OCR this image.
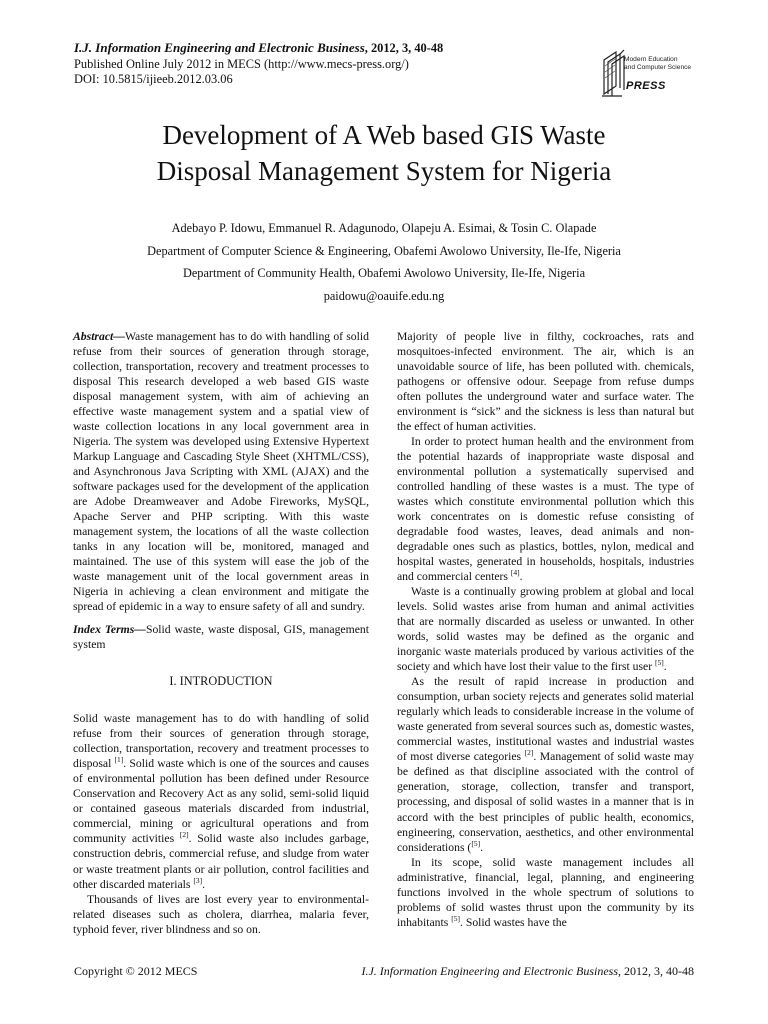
I.J. Information Engineering and Electronic Business, 2012, 3, 40-48
Published Online July 2012 in MECS (http://www.mecs-press.org/)
DOI: 10.5815/ijieeb.2012.03.06
Modern Education
and Computer Science
PRESS
Development of A Web based GIS Waste
Disposal Management System for Nigeria
Adebayo P. Idowu, Emmanuel R. Adagunodo, Olapeju A. Esimai, & Tosin C. Olapade
Department of Computer Science & Engineering, Obafemi Awolowo University, Ile-Ife, Nigeria
Department of Community Health, Obafemi Awolowo University, Ile-Ife, Nigeria
paidowu@oauife.edu.ng

Abstract—Waste management has to do with handling of solid refuse from their sources of generation through storage, collection, transportation, recovery and treatment processes to disposal This research developed a web based GIS waste disposal management system, with aim of achieving an effective waste management system and a spatial view of waste collection locations in any local government area in Nigeria. The system was developed using Extensive Hypertext Markup Language and Cascading Style Sheet (XHTML/CSS), and Asynchronous Java Scripting with XML (AJAX) and the software packages used for the development of the application are Adobe Dreamweaver and Adobe Fireworks, MySQL, Apache Server and PHP scripting. With this waste management system, the locations of all the waste collection tanks in any location will be, monitored, managed and maintained. The use of this system will ease the job of the waste management unit of the local government areas in Nigeria in achieving a clean environment and mitigate the spread of epidemic in a way to ensure safety of all and sundry.

Index Terms—Solid waste, waste disposal, GIS, management system

I. INTRODUCTION

Solid waste management has to do with handling of solid refuse from their sources of generation through storage, collection, transportation, recovery and treatment processes to disposal [1]. Solid waste which is one of the sources and causes of environmental pollution has been defined under Resource Conservation and Recovery Act as any solid, semi-solid liquid or contained gaseous materials discarded from industrial, commercial, mining or agricultural operations and from community activities [2]. Solid waste also includes garbage, construction debris, commercial refuse, and sludge from water or waste treatment plants or air pollution, control facilities and other discarded materials [3].

Thousands of lives are lost every year to environmental-related diseases such as cholera, diarrhea, malaria fever, typhoid fever, river blindness and so on.

Majority of people live in filthy, cockroaches, rats and mosquitoes-infected environment. The air, which is an unavoidable source of life, has been polluted with. chemicals, pathogens or offensive odour. Seepage from refuse dumps often pollutes the underground water and surface water. The environment is “sick” and the sickness is less than natural but the effect of human activities.

In order to protect human health and the environment from the potential hazards of inappropriate waste disposal and environmental pollution a systematically supervised and controlled handling of these wastes is a must. The type of wastes which constitute environmental pollution which this work concentrates on is domestic refuse consisting of degradable food wastes, leaves, dead animals and non-degradable ones such as plastics, bottles, nylon, medical and hospital wastes, generated in households, hospitals, industries and commercial centers [4].

Waste is a continually growing problem at global and local levels. Solid wastes arise from human and animal activities that are normally discarded as useless or unwanted. In other words, solid wastes may be defined as the organic and inorganic waste materials produced by various activities of the society and which have lost their value to the first user [5].

As the result of rapid increase in production and consumption, urban society rejects and generates solid material regularly which leads to considerable increase in the volume of waste generated from several sources such as, domestic wastes, commercial wastes, institutional wastes and industrial wastes of most diverse categories [2]. Management of solid waste may be defined as that discipline associated with the control of generation, storage, collection, transfer and transport, processing, and disposal of solid wastes in a manner that is in accord with the best principles of public health, economics, engineering, conservation, aesthetics, and other environmental considerations ([5].

In its scope, solid waste management includes all administrative, financial, legal, planning, and engineering functions involved in the whole spectrum of solutions to problems of solid wastes thrust upon the community by its inhabitants [5]. Solid wastes have the

Copyright © 2012 MECS	I.J. Information Engineering and Electronic Business, 2012, 3, 40-48
